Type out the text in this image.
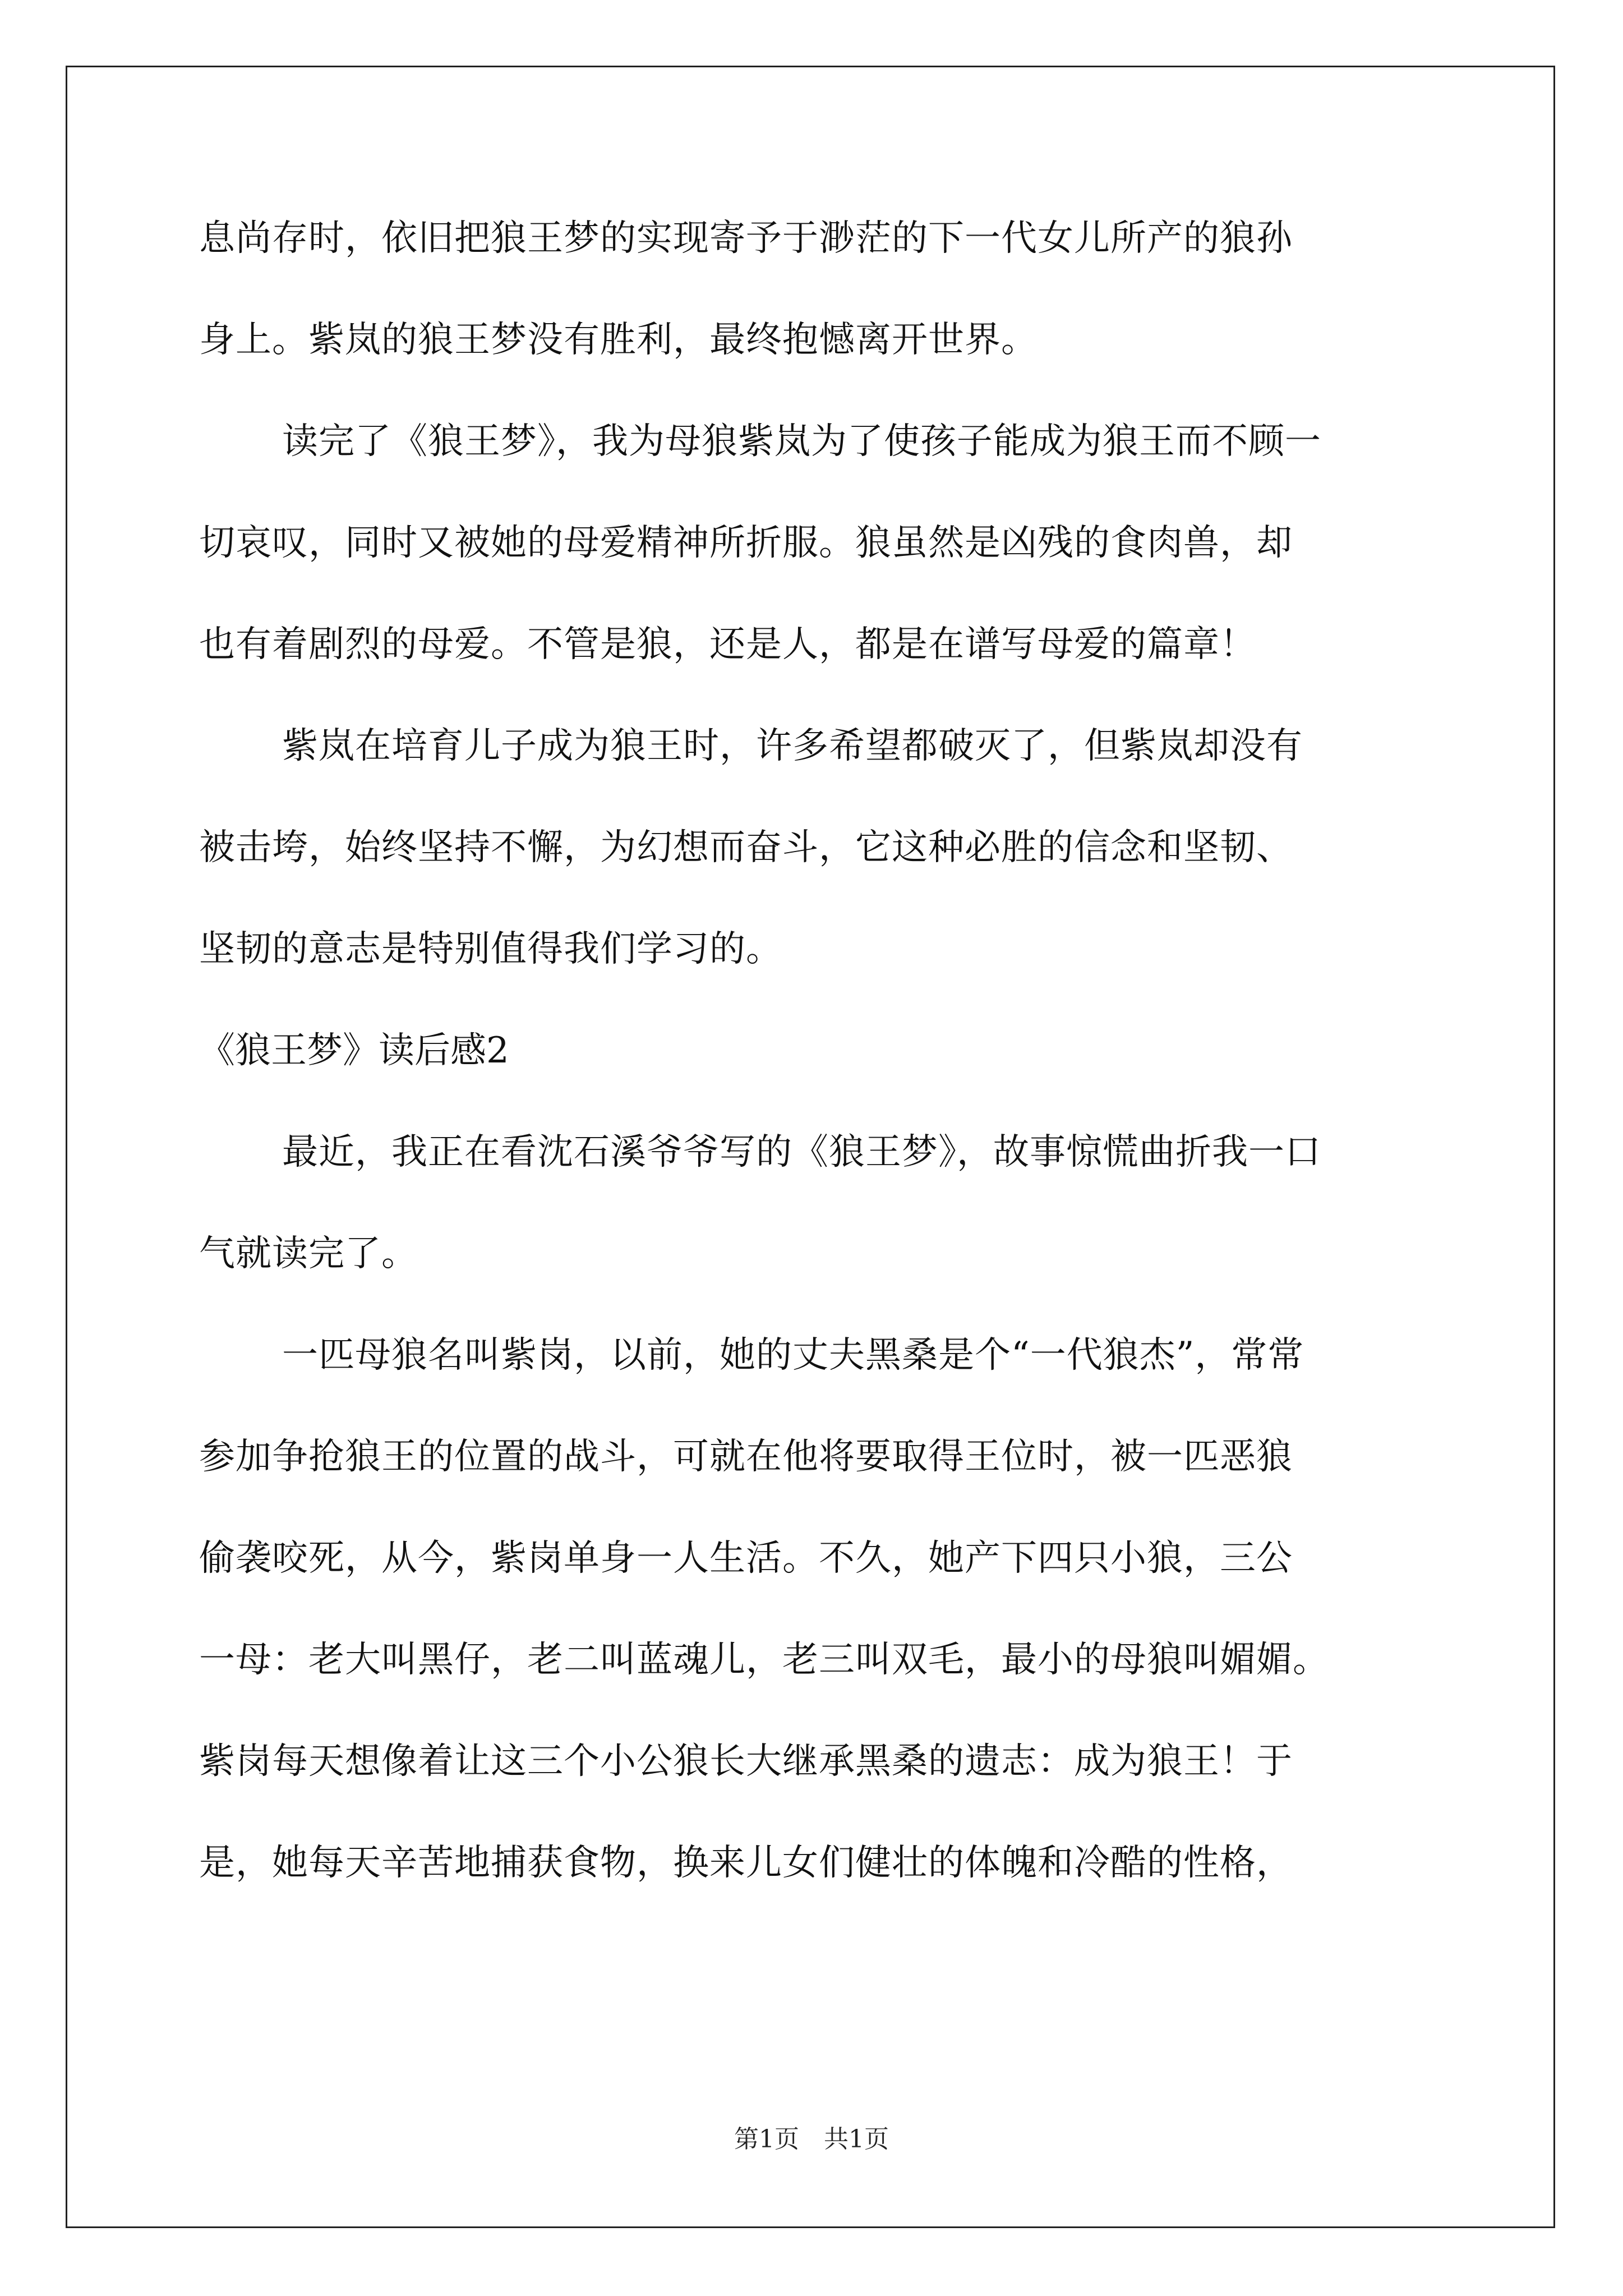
息尚存时，依旧把狼王梦的实现寄予于渺茫的下一代女儿所产的狼孙
身上。紫岚的狼王梦没有胜利，最终抱憾离开世界。
读完了《狼王梦》，我为母狼紫岚为了使孩子能成为狼王而不顾一
切哀叹，同时又被她的母爱精神所折服。狼虽然是凶残的食肉兽，却
也有着剧烈的母爱。不管是狼，还是人，都是在谱写母爱的篇章！
紫岚在培育儿子成为狼王时，许多希望都破灭了，但紫岚却没有
被击垮，始终坚持不懈，为幻想而奋斗，它这种必胜的信念和坚韧、
坚韧的意志是特别值得我们学习的。
《狼王梦》读后感2
最近，我正在看沈石溪爷爷写的《狼王梦》，故事惊慌曲折我一口
气就读完了。
一匹母狼名叫紫岗，以前，她的丈夫黑桑是个“一代狼杰”，常常
参加争抢狼王的位置的战斗，可就在他将要取得王位时，被一匹恶狼
偷袭咬死，从今，紫岗单身一人生活。不久，她产下四只小狼，三公
一母：老大叫黑仔，老二叫蓝魂儿，老三叫双毛，最小的母狼叫媚媚。
紫岗每天想像着让这三个小公狼长大继承黑桑的遗志：成为狼王！于
是，她每天辛苦地捕获食物，换来儿女们健壮的体魄和冷酷的性格，
第1页　共1页
